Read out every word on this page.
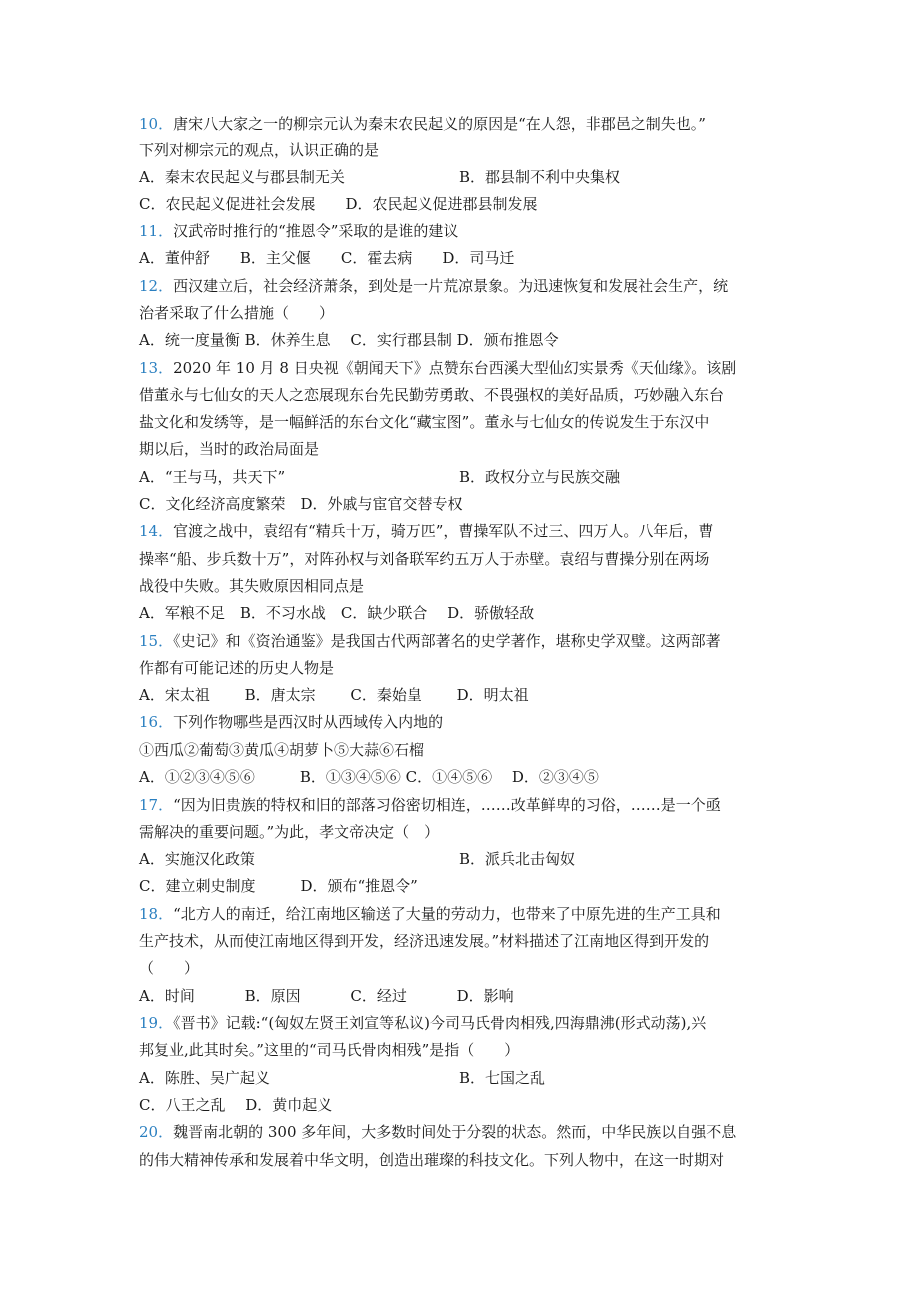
10．唐宋八大家之一的柳宗元认为秦末农民起义的原因是“在人怨，非郡邑之制失也。”
下列对柳宗元的观点，认识正确的是
A．秦末农民起义与郡县制无关	B．郡县制不利中央集权
C．农民起义促进社会发展　　D．农民起义促进郡县制发展
11．汉武帝时推行的“推恩令”采取的是谁的建议
A．董仲舒　　B．主父偃　　C．霍去病　　D．司马迁
12．西汉建立后，社会经济萧条，到处是一片荒凉景象。为迅速恢复和发展社会生产，统
治者采取了什么措施（　　）
A．统一度量衡 B．休养生息　 C．实行郡县制 D．颁布推恩令
13．2020 年 10 月 8 日央视《朝闻天下》点赞东台西溪大型仙幻实景秀《天仙缘》。该剧
借董永与七仙女的天人之恋展现东台先民勤劳勇敢、不畏强权的美好品质，巧妙融入东台
盐文化和发绣等，是一幅鲜活的东台文化“藏宝图”。董永与七仙女的传说发生于东汉中
期以后，当时的政治局面是
A．“王与马，共天下”	B．政权分立与民族交融
C．文化经济高度繁荣　D．外戚与宦官交替专权
14．官渡之战中，袁绍有“精兵十万，骑万匹”，曹操军队不过三、四万人。八年后，曹
操率“船、步兵数十万”，对阵孙权与刘备联军约五万人于赤壁。袁绍与曹操分别在两场
战役中失败。其失败原因相同点是
A．军粮不足　B．不习水战　C．缺少联合　 D．骄傲轻敌
15．《史记》和《资治通鉴》是我国古代两部著名的史学著作，堪称史学双璧。这两部著
作都有可能记述的历史人物是
A．宋太祖　　 B．唐太宗　　 C．秦始皇　　 D．明太祖
16．下列作物哪些是西汉时从西域传入内地的
①西瓜②葡萄③黄瓜④胡萝卜⑤大蒜⑥石榴
A．①②③④⑤⑥　　　B．①③④⑤⑥ C．①④⑤⑥　 D．②③④⑤
17．“因为旧贵族的特权和旧的部落习俗密切相连，……改革鲜卑的习俗，……是一个亟
需解决的重要问题。”为此，孝文帝决定（　）
A．实施汉化政策	B．派兵北击匈奴
C．建立刺史制度　　　D．颁布“推恩令”
18．“北方人的南迁，给江南地区输送了大量的劳动力，也带来了中原先进的生产工具和
生产技术，从而使江南地区得到开发，经济迅速发展。”材料描述了江南地区得到开发的
（　　）
A．时间　　　 B．原因　　　 C．经过　　　 D．影响
19．《晋书》记载:“(匈奴左贤王刘宣等私议)今司马氏骨肉相残,四海鼎沸(形式动荡),兴
邦复业,此其时矣。”这里的“司马氏骨肉相残”是指（　　）
A．陈胜、吴广起义	B．七国之乱
C．八王之乱　 D．黄巾起义
20．魏晋南北朝的 300 多年间，大多数时间处于分裂的状态。然而，中华民族以自强不息
的伟大精神传承和发展着中华文明，创造出璀璨的科技文化。下列人物中，在这一时期对
